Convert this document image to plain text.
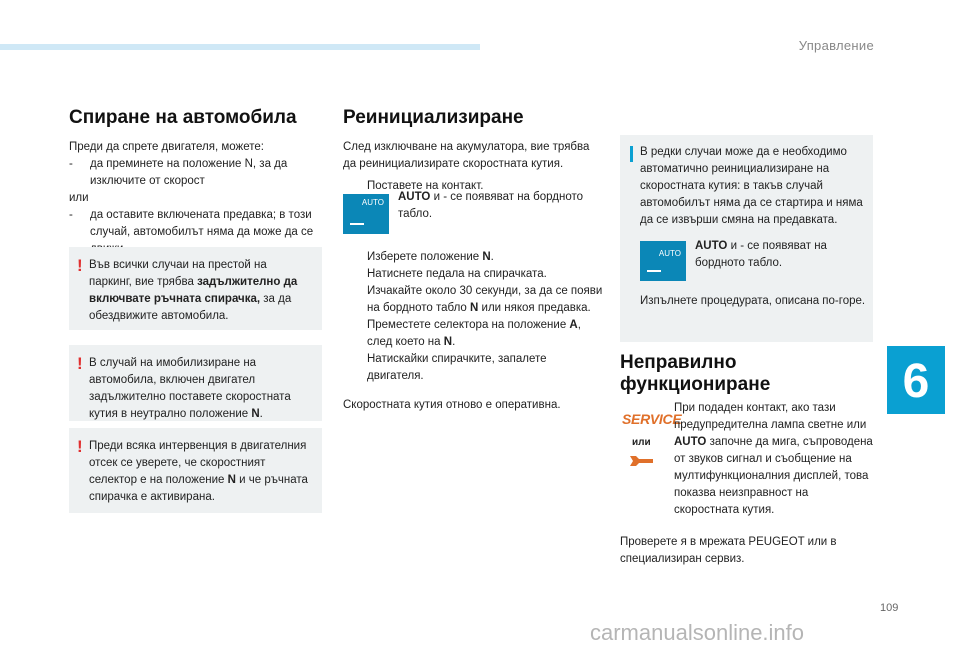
Управление
6
Спиране на автомобила

Преди да спрете двигателя, можете:

- да преминете на положение N, за да изключите от скорост

или

- да оставите включената предавка; в този случай, автомобилът няма да може да се

! Във всички случаи на престой на паркинг, вие трябва задължително да включвате ръчната спирачка, за да обездвижите автомобила.
! В случай на имобилизиране на автомобила, включен двигател задължително поставете скоростната кутия в неутрално положение N.
! Преди всяка интервенция в двигателния отсек се уверете, че скоростният селектор е на положение N и че ръчната спирачка е активирана.
Реинициализиране

След изключване на акумулатора, вие трябва да реинициализирате скоростната кутия.

Поставете на контакт.

AUTO AUTO и - се появяват на бордното табло.

Изберете положение N.

Натиснете педала на спирачката.

Изчакайте около 30 секунди, за да се появи на бордното табло N или някоя предавка.

Преместете селектора на положение A, след което на N.

Натискайки спирачките, запалете двигателя.

Скоростната кутия отново е оперативна.

В редки случаи може да е необходимо автоматично реинициализиране на скоростната кутия: в такъв случай автомобилът няма да се стартира и няма да се извърши смяна на предавката.

AUTO

AUTO и - се появяват на бордното табло.

Изпълнете процедурата, описана по-горе.

Неправилно функциониране
SERVICE
или

При подаден контакт, ако тази предупредителна лампа светне или AUTO започне да мига, съпроводена от звуков сигнал и съобщение на мултифункционалния дисплей, това показва неизправност на скоростната кутия.

Проверете я в мрежата PEUGEOT или в специализиран сервиз.

109
carmanualsonline.info
